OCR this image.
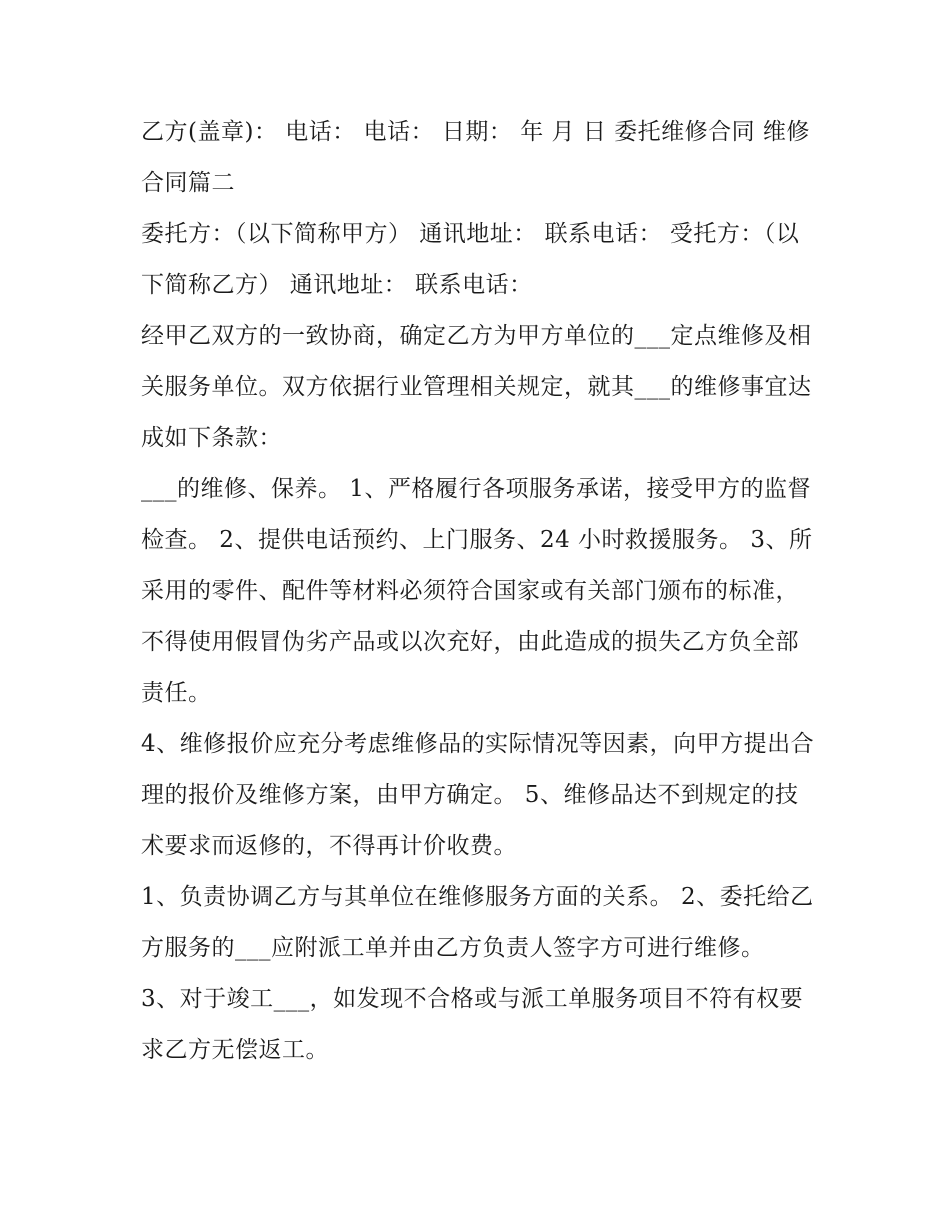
乙方(盖章)： 电话： 电话： 日期： 年 月 日 委托维修合同 维修 合同篇二

委托方：（以下简称甲方） 通讯地址： 联系电话： 受托方：（以下简称乙方） 通讯地址： 联系电话：

经甲乙双方的一致协商，确定乙方为甲方单位的___定点维修及相关服务单位。双方依据行业管理相关规定，就其___的维修事宜达成如下条款：

___的维修、保养。 1、严格履行各项服务承诺，接受甲方的监督检查。 2、提供电话预约、上门服务、24 小时救援服务。 3、所采用的零件、配件等材料必须符合国家或有关部门颁布的标准，不得使用假冒伪劣产品或以次充好，由此造成的损失乙方负全部责任。

4、维修报价应充分考虑维修品的实际情况等因素，向甲方提出合理的报价及维修方案，由甲方确定。 5、维修品达不到规定的技术要求而返修的，不得再计价收费。

1、负责协调乙方与其单位在维修服务方面的关系。 2、委托给乙方服务的___应附派工单并由乙方负责人签字方可进行维修。

3、对于竣工___，如发现不合格或与派工单服务项目不符有权要求乙方无偿返工。
